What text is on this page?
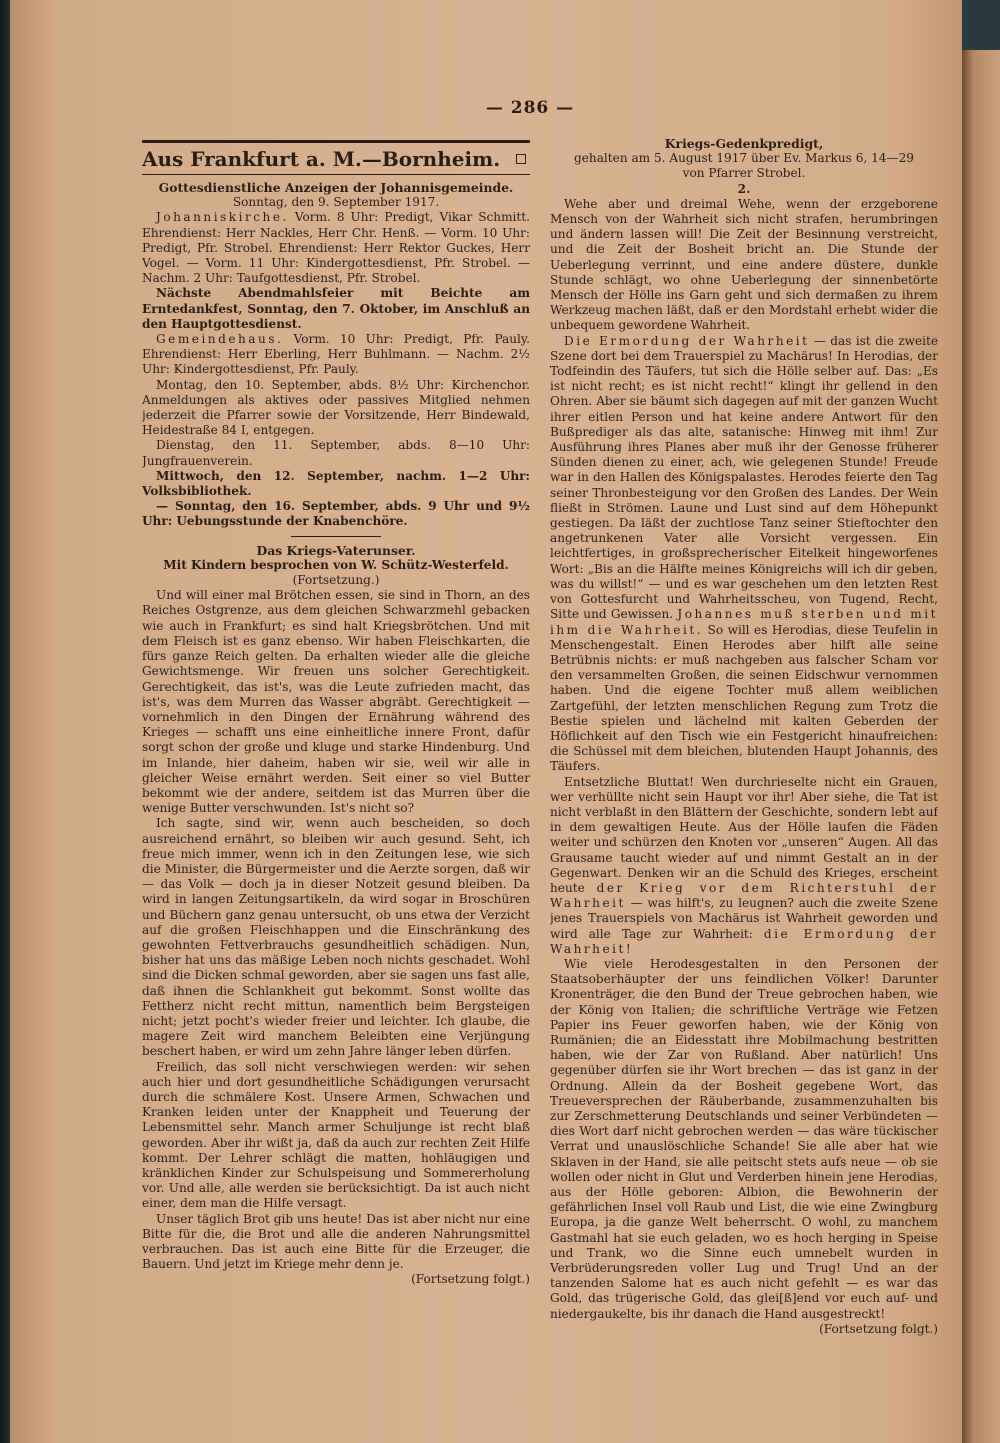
— 286 —
Aus Frankfurt a. M.—Bornheim.
Gottesdienstliche Anzeigen der Johannisgemeinde.
Sonntag, den 9. September 1917.

Johanniskirche. Vorm. 8 Uhr: Predigt, Vikar Schmitt. Ehrendienst: Herr Nackles, Herr Chr. Henß. — Vorm. 10 Uhr: Predigt, Pfr. Strobel. Ehrendienst: Herr Rektor Guckes, Herr Vogel. — Vorm. 11 Uhr: Kindergottesdienst, Pfr. Strobel. — Nachm. 2 Uhr: Taufgottesdienst, Pfr. Strobel.

Nächste Abendmahlsfeier mit Beichte am Erntedankfest, Sonntag, den 7. Oktober, im Anschluß an den Hauptgottesdienst.

Gemeindehaus. Vorm. 10 Uhr: Predigt, Pfr. Pauly. Ehrendienst: Herr Eberling, Herr Buhlmann. — Nachm. 2½ Uhr: Kindergottesdienst, Pfr. Pauly.

Montag, den 10. September, abds. 8½ Uhr: Kirchenchor. Anmeldungen als aktives oder passives Mitglied nehmen jederzeit die Pfarrer sowie der Vorsitzende, Herr Bindewald, Heidestraße 84 I, entgegen.

Dienstag, den 11. September, abds. 8—10 Uhr: Jungfrauenverein.

Mittwoch, den 12. September, nachm. 1—2 Uhr: Volksbibliothek.

— Sonntag, den 16. September, abds. 9 Uhr und 9½ Uhr: Uebungsstunde der Knabenchöre.

Das Kriegs-Vaterunser.
Mit Kindern besprochen von W. Schütz-Westerfeld.
(Fortsetzung.)

Und will einer mal Brötchen essen, sie sind in Thorn, an des Reiches Ostgrenze, aus dem gleichen Schwarzmehl gebacken wie auch in Frankfurt; es sind halt Kriegsbrötchen. Und mit dem Fleisch ist es ganz ebenso. Wir haben Fleischkarten, die fürs ganze Reich gelten. Da erhalten wieder alle die gleiche Gewichtsmenge. Wir freuen uns solcher Gerechtigkeit. Gerechtigkeit, das ist's, was die Leute zufrieden macht, das ist's, was dem Murren das Wasser abgräbt. Gerechtigkeit — vornehmlich in den Dingen der Ernährung während des Krieges — schafft uns eine einheitliche innere Front, dafür sorgt schon der große und kluge und starke Hindenburg. Und im Inlande, hier daheim, haben wir sie, weil wir alle in gleicher Weise ernährt werden. Seit einer so viel Butter bekommt wie der andere, seitdem ist das Murren über die wenige Butter verschwunden. Ist's nicht so?

Ich sagte, sind wir, wenn auch bescheiden, so doch ausreichend ernährt, so bleiben wir auch gesund. Seht, ich freue mich immer, wenn ich in den Zeitungen lese, wie sich die Minister, die Bürgermeister und die Aerzte sorgen, daß wir — das Volk — doch ja in dieser Notzeit gesund bleiben. Da wird in langen Zeitungsartikeln, da wird sogar in Broschüren und Büchern ganz genau untersucht, ob uns etwa der Verzicht auf die großen Fleischhappen und die Einschränkung des gewohnten Fettverbrauchs gesundheitlich schädigen. Nun, bisher hat uns das mäßige Leben noch nichts geschadet. Wohl sind die Dicken schmal geworden, aber sie sagen uns fast alle, daß ihnen die Schlankheit gut bekommt. Sonst wollte das Fettherz nicht recht mittun, namentlich beim Bergsteigen nicht; jetzt pocht's wieder freier und leichter. Ich glaube, die magere Zeit wird manchem Beleibten eine Verjüngung beschert haben, er wird um zehn Jahre länger leben dürfen.

Freilich, das soll nicht verschwiegen werden: wir sehen auch hier und dort gesundheitliche Schädigungen verursacht durch die schmälere Kost. Unsere Armen, Schwachen und Kranken leiden unter der Knappheit und Teuerung der Lebensmittel sehr. Manch armer Schuljunge ist recht blaß geworden. Aber ihr wißt ja, daß da auch zur rechten Zeit Hilfe kommt. Der Lehrer schlägt die matten, hohläugigen und kränklichen Kinder zur Schulspeisung und Sommererholung vor. Und alle, alle werden sie berücksichtigt. Da ist auch nicht einer, dem man die Hilfe versagt.

Unser täglich Brot gib uns heute! Das ist aber nicht nur eine Bitte für die, die Brot und alle die anderen Nahrungsmittel verbrauchen. Das ist auch eine Bitte für die Erzeuger, die Bauern. Und jetzt im Kriege mehr denn je.

(Fortsetzung folgt.)
Kriegs-Gedenkpredigt,
gehalten am 5. August 1917 über Ev. Markus 6, 14—29
von Pfarrer Strobel.
2.

Wehe aber und dreimal Wehe, wenn der erzgeborene Mensch von der Wahrheit sich nicht strafen, herumbringen und ändern lassen will! Die Zeit der Besinnung verstreicht, und die Zeit der Bosheit bricht an. Die Stunde der Ueberlegung verrinnt, und eine andere düstere, dunkle Stunde schlägt, wo ohne Ueberlegung der sinnenbetörte Mensch der Hölle ins Garn geht und sich dermaßen zu ihrem Werkzeug machen läßt, daß er den Mordstahl erhebt wider die unbequem gewordene Wahrheit.

Die Ermordung der Wahrheit — das ist die zweite Szene dort bei dem Trauerspiel zu Machärus! In Herodias, der Todfeindin des Täufers, tut sich die Hölle selber auf. Das: „Es ist nicht recht; es ist nicht recht!“ klingt ihr gellend in den Ohren. Aber sie bäumt sich dagegen auf mit der ganzen Wucht ihrer eitlen Person und hat keine andere Antwort für den Bußprediger als das alte, satanische: Hinweg mit ihm! Zur Ausführung ihres Planes aber muß ihr der Genosse früherer Sünden dienen zu einer, ach, wie gelegenen Stunde! Freude war in den Hallen des Königspalastes. Herodes feierte den Tag seiner Thronbesteigung vor den Großen des Landes. Der Wein fließt in Strömen. Laune und Lust sind auf dem Höhepunkt gestiegen. Da läßt der zuchtlose Tanz seiner Stieftochter den angetrunkenen Vater alle Vorsicht vergessen. Ein leichtfertiges, in großsprecherischer Eitelkeit hingeworfenes Wort: „Bis an die Hälfte meines Königreichs will ich dir geben, was du willst!“ — und es war geschehen um den letzten Rest von Gottesfurcht und Wahrheitsscheu, von Tugend, Recht, Sitte und Gewissen. Johannes muß sterben und mit ihm die Wahrheit. So will es Herodias, diese Teufelin in Menschengestalt. Einen Herodes aber hilft alle seine Betrübnis nichts: er muß nachgeben aus falscher Scham vor den versammelten Großen, die seinen Eidschwur vernommen haben. Und die eigene Tochter muß allem weiblichen Zartgefühl, der letzten menschlichen Regung zum Trotz die Bestie spielen und lächelnd mit kalten Geberden der Höflichkeit auf den Tisch wie ein Festgericht hinaufreichen: die Schüssel mit dem bleichen, blutenden Haupt Johannis, des Täufers.

Entsetzliche Bluttat! Wen durchrieselte nicht ein Grauen, wer verhüllte nicht sein Haupt vor ihr! Aber siehe, die Tat ist nicht verblaßt in den Blättern der Geschichte, sondern lebt auf in dem gewaltigen Heute. Aus der Hölle laufen die Fäden weiter und schürzen den Knoten vor „unseren“ Augen. All das Grausame taucht wieder auf und nimmt Gestalt an in der Gegenwart. Denken wir an die Schuld des Krieges, erscheint heute der Krieg vor dem Richterstuhl der Wahrheit — was hilft's, zu leugnen? auch die zweite Szene jenes Trauerspiels von Machärus ist Wahrheit geworden und wird alle Tage zur Wahrheit: die Ermordung der Wahrheit!

Wie viele Herodesgestalten in den Personen der Staatsoberhäupter der uns feindlichen Völker! Darunter Kronenträger, die den Bund der Treue gebrochen haben, wie der König von Italien; die schriftliche Verträge wie Fetzen Papier ins Feuer geworfen haben, wie der König von Rumänien; die an Eidesstatt ihre Mobilmachung bestritten haben, wie der Zar von Rußland. Aber natürlich! Uns gegenüber dürfen sie ihr Wort brechen — das ist ganz in der Ordnung. Allein da der Bosheit gegebene Wort, das Treueversprechen der Räuberbande, zusammenzuhalten bis zur Zerschmetterung Deutschlands und seiner Verbündeten — dies Wort darf nicht gebrochen werden — das wäre tückischer Verrat und unauslöschliche Schande! Sie alle aber hat wie Sklaven in der Hand, sie alle peitscht stets aufs neue — ob sie wollen oder nicht in Glut und Verderben hinein jene Herodias, aus der Hölle geboren: Albion, die Bewohnerin der gefährlichen Insel voll Raub und List, die wie eine Zwingburg Europa, ja die ganze Welt beherrscht. O wohl, zu manchem Gastmahl hat sie euch geladen, wo es hoch herging in Speise und Trank, wo die Sinne euch umnebelt wurden in Verbrüderungsreden voller Lug und Trug! Und an der tanzenden Salome hat es auch nicht gefehlt — es war das Gold, das trügerische Gold, das glei[ß]end vor euch auf- und niedergaukelte, bis ihr danach die Hand ausgestreckt!

(Fortsetzung folgt.)
